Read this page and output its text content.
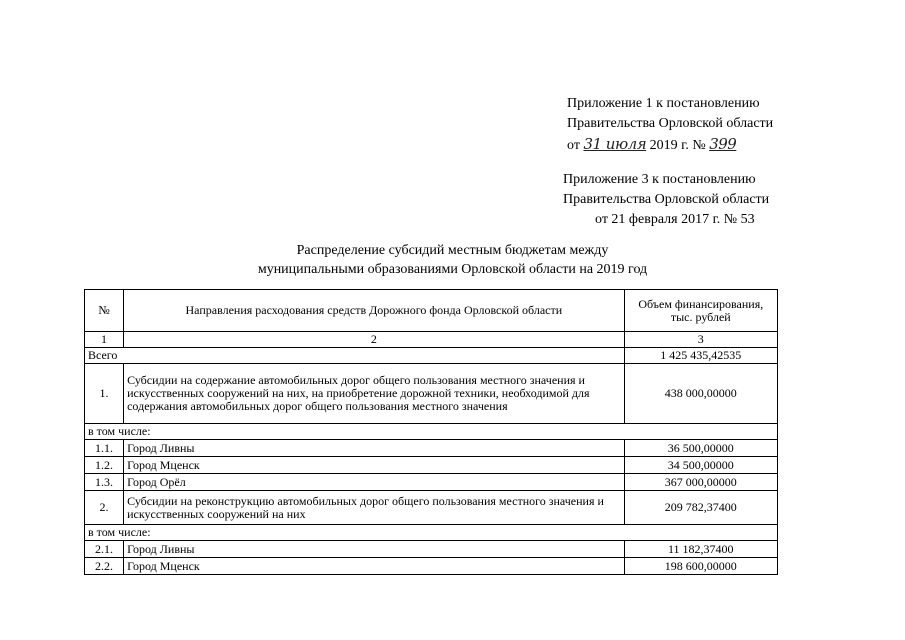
Приложение 1 к постановлению
Правительства Орловской области
от 31 июля 2019 г. № 399
Приложение 3 к постановлению
Правительства Орловской области
от 21 февраля 2017 г. № 53
Распределение субсидий местным бюджетам между
муниципальными образованиями Орловской области на 2019 год
№	Направления расходования средств Дорожного фонда Орловской области	Объем финансирования, тыс. рублей
1	2	3
Всего		1 425 435,42535
1.	Субсидии на содержание автомобильных дорог общего пользования местного значения и искусственных сооружений на них, на приобретение дорожной техники, необходимой для содержания автомобильных дорог общего пользования местного значения	438 000,00000
в том числе:		
1.1.	Город Ливны	36 500,00000
1.2.	Город Мценск	34 500,00000
1.3.	Город Орёл	367 000,00000
2.	Субсидии на реконструкцию автомобильных дорог общего пользования местного значения и искусственных сооружений на них	209 782,37400
в том числе:		
2.1.	Город Ливны	11 182,37400
2.2.	Город Мценск	198 600,00000
